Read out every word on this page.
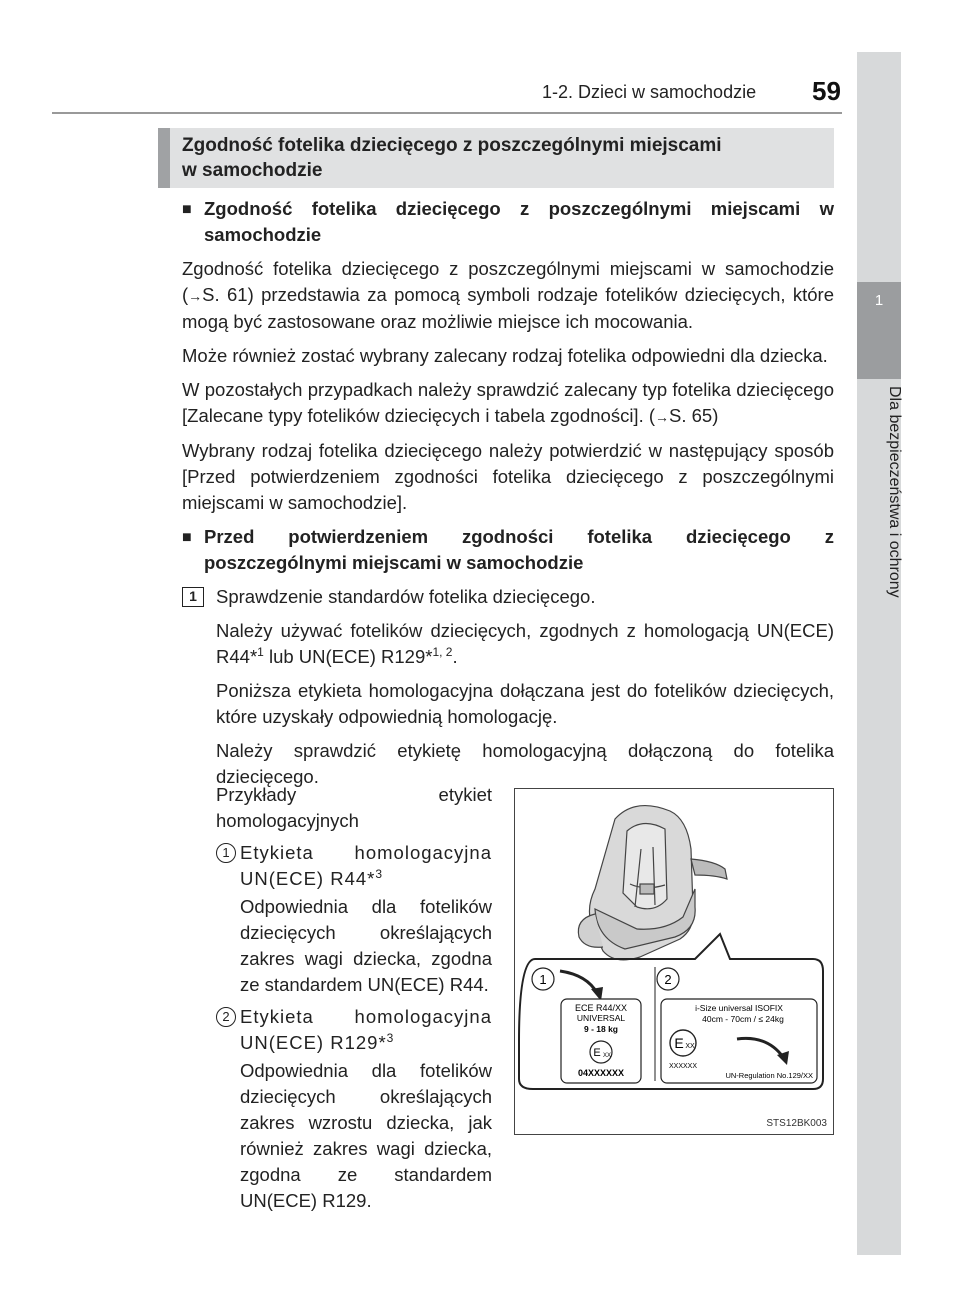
1-2. Dzieci w samochodzie 59
1
Dla bezpieczeństwa i ochrony
Zgodność fotelika dziecięcego z poszczególnymi miejscami
w samochodzie
■ Zgodność fotelika dziecięcego z poszczególnymi miejscami w samochodzie

Zgodność fotelika dziecięcego z poszczególnymi miejscami w samochodzie (→S. 61) przedstawia za pomocą symboli rodzaje fotelików dziecięcych, które mogą być zastosowane oraz możliwie miejsce ich mocowania.

Może również zostać wybrany zalecany rodzaj fotelika odpowiedni dla dziecka.

W pozostałych przypadkach należy sprawdzić zalecany typ fotelika dziecięcego [Zalecane typy fotelików dziecięcych i tabela zgodności]. (→S. 65)

Wybrany rodzaj fotelika dziecięcego należy potwierdzić w następujący sposób [Przed potwierdzeniem zgodności fotelika dziecięcego z poszczególnymi miejscami w samochodzie].

■ Przed potwierdzeniem zgodności fotelika dziecięcego z poszczególnymi miejscami w samochodzie
1	Sprawdzenie standardów fotelika dziecięcego.

Należy używać fotelików dziecięcych, zgodnych z homologacją UN(ECE) R44*$^1$ lub UN(ECE) R129*$^{1, 2}$.

Poniższa etykieta homologacyjna dołączana jest do fotelików dziecięcych, które uzyskały odpowiednią homologację.

Należy sprawdzić etykietę homologacyjną dołączoną do fotelika dziecięcego.

Przykłady etykiet homologacyjnych

1 Etykieta homologacyjna UN(ECE) R44*$^3$
Odpowiednia dla fotelików dziecięcych określających zakres wagi dziecka, zgodna ze standardem UN(ECE) R44.
2 Etykieta homologacyjna UN(ECE) R129*$^3$
Odpowiednia dla fotelików dziecięcych określających zakres wzrostu dziecka, jak również zakres wagi dziecka, zgodna ze standardem UN(ECE) R129.
1	2
ECE R44/XX
UNIVERSAL
9 - 18 kg
E XX
04XXXXXX
i-Size universal ISOFIX
40cm - 70cm / ≤ 24kg
E XX
XXXXXX
UN-Regulation No.129/XX
STS12BK003
